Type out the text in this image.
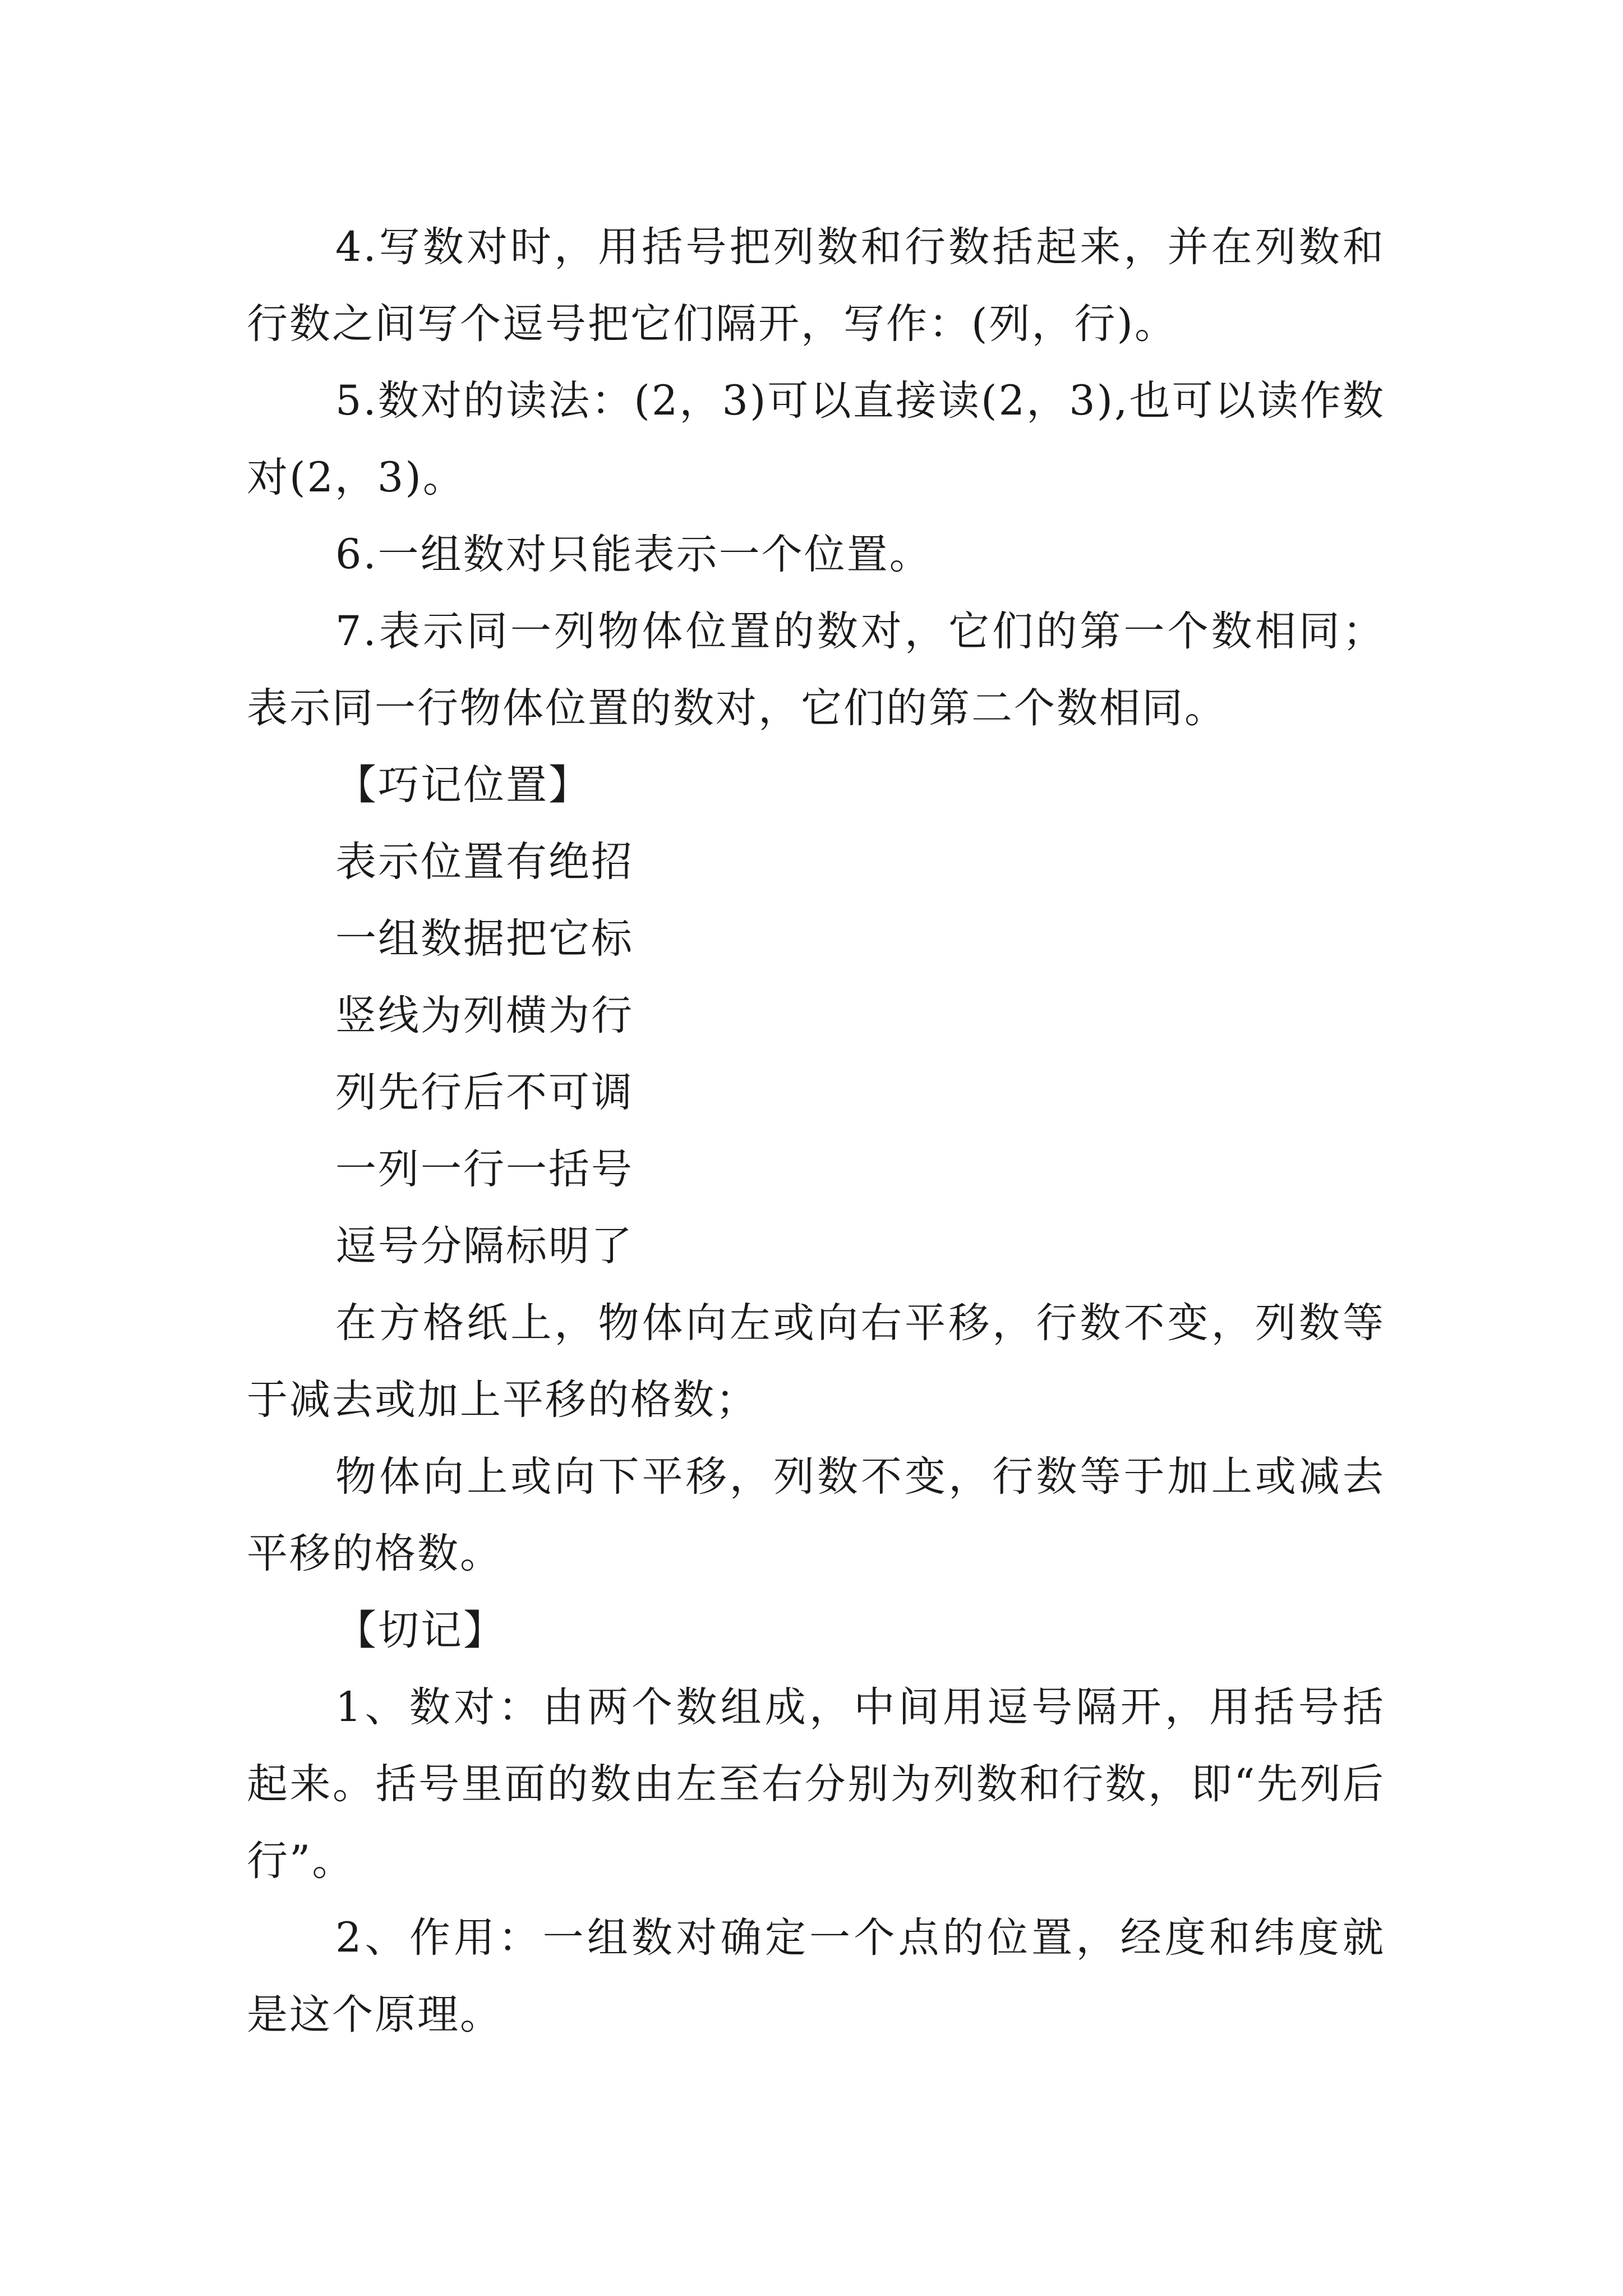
4.写数对时，用括号把列数和行数括起来，并在列数和行数之间写个逗号把它们隔开，写作：(列，行)。

5.数对的读法：(2，3)可以直接读(2，3),也可以读作数对(2，3)。

6.一组数对只能表示一个位置。

7.表示同一列物体位置的数对，它们的第一个数相同；表示同一行物体位置的数对，它们的第二个数相同。

【巧记位置】

表示位置有绝招

一组数据把它标

竖线为列横为行

列先行后不可调

一列一行一括号

逗号分隔标明了

在方格纸上，物体向左或向右平移，行数不变，列数等于减去或加上平移的格数；

物体向上或向下平移，列数不变，行数等于加上或减去平移的格数。

【切记】

1、数对：由两个数组成，中间用逗号隔开，用括号括起来。括号里面的数由左至右分别为列数和行数，即“先列后行”。

2、作用：一组数对确定一个点的位置，经度和纬度就是这个原理。
